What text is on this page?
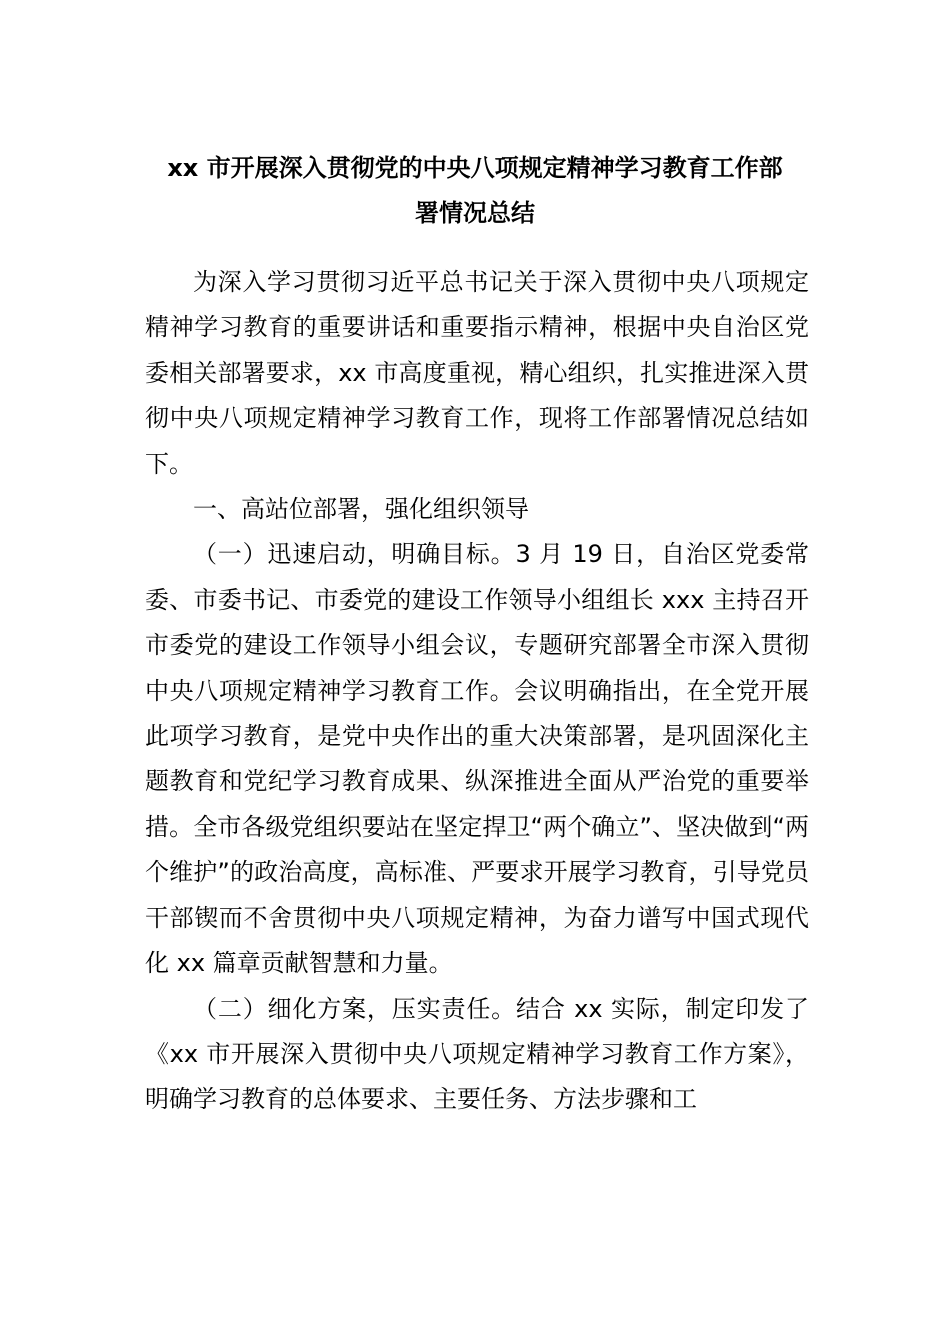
xx 市开展深入贯彻党的中央八项规定精神学习教育工作部
署情况总结

为深入学习贯彻习近平总书记关于深入贯彻中央八项规定精神学习教育的重要讲话和重要指示精神，根据中央自治区党委相关部署要求，xx 市高度重视，精心组织，扎实推进深入贯彻中央八项规定精神学习教育工作，现将工作部署情况总结如下。

一、高站位部署，强化组织领导

（一）迅速启动，明确目标。3 月 19 日，自治区党委常委、市委书记、市委党的建设工作领导小组组长 xxx 主持召开市委党的建设工作领导小组会议，专题研究部署全市深入贯彻中央八项规定精神学习教育工作。会议明确指出，在全党开展此项学习教育，是党中央作出的重大决策部署，是巩固深化主题教育和党纪学习教育成果、纵深推进全面从严治党的重要举措。全市各级党组织要站在坚定捍卫“两个确立”、坚决做到“两个维护”的政治高度，高标准、严要求开展学习教育，引导党员干部锲而不舍贯彻中央八项规定精神，为奋力谱写中国式现代化 xx 篇章贡献智慧和力量。

（二）细化方案，压实责任。结合 xx 实际，制定印发了《xx 市开展深入贯彻中央八项规定精神学习教育工作方案》，明确学习教育的总体要求、主要任务、方法步骤和工
